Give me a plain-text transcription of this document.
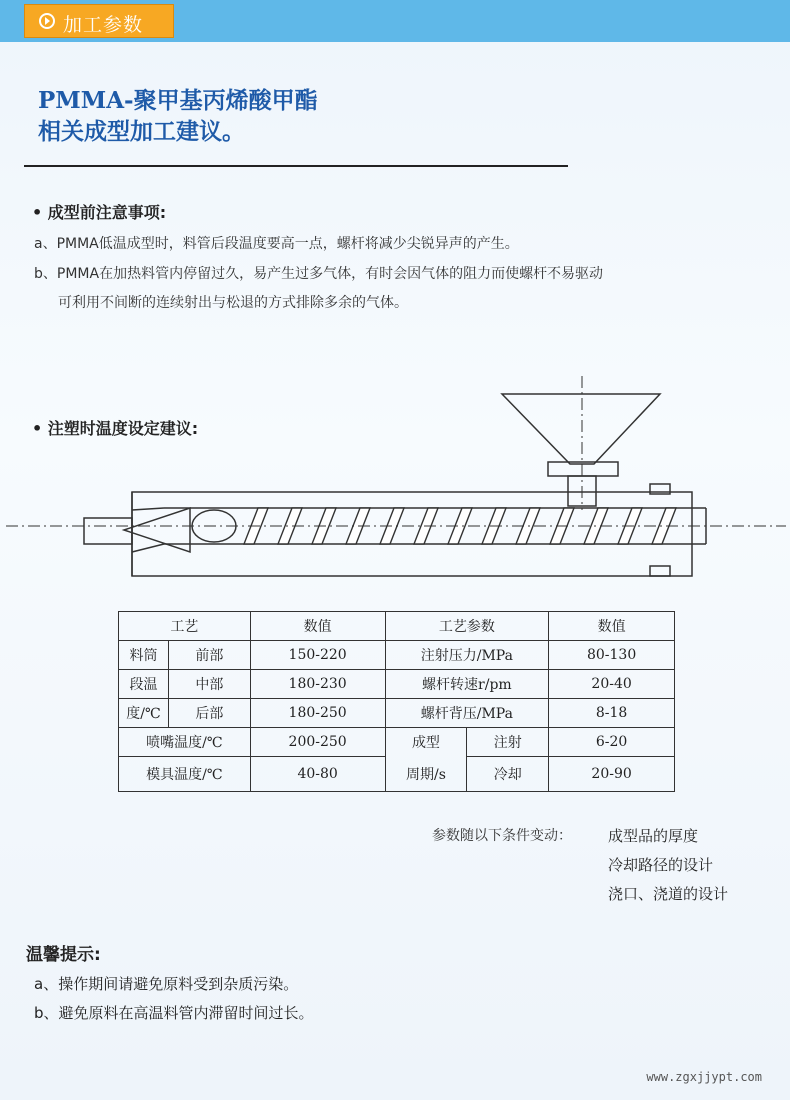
加工参数
PMMA-聚甲基丙烯酸甲酯
相关成型加工建议。
• 成型前注意事项:
a、PMMA低温成型时，料管后段温度要高一点，螺杆将减少尖锐异声的产生。
b、PMMA在加热料管内停留过久，易产生过多气体，有时会因气体的阻力而使螺杆不易驱动
可利用不间断的连续射出与松退的方式排除多余的气体。
• 注塑时温度设定建议:
工艺		数值	工艺参数		数值
料筒	前部	150-220	注射压力/MPa		80-130
段温	中部	180-230	螺杆转速r/pm		20-40
度/℃	后部	180-250	螺杆背压/MPa		8-18
喷嘴温度/℃		200-250	成型	注射	6-20
模具温度/℃		40-80	周期/s	冷却	20-90
参数随以下条件变动： 成型品的厚度
冷却路径的设计
浇口、浇道的设计
温馨提示:
a、操作期间请避免原料受到杂质污染。
b、避免原料在高温料管内滞留时间过长。
www.zgxjjypt.com
